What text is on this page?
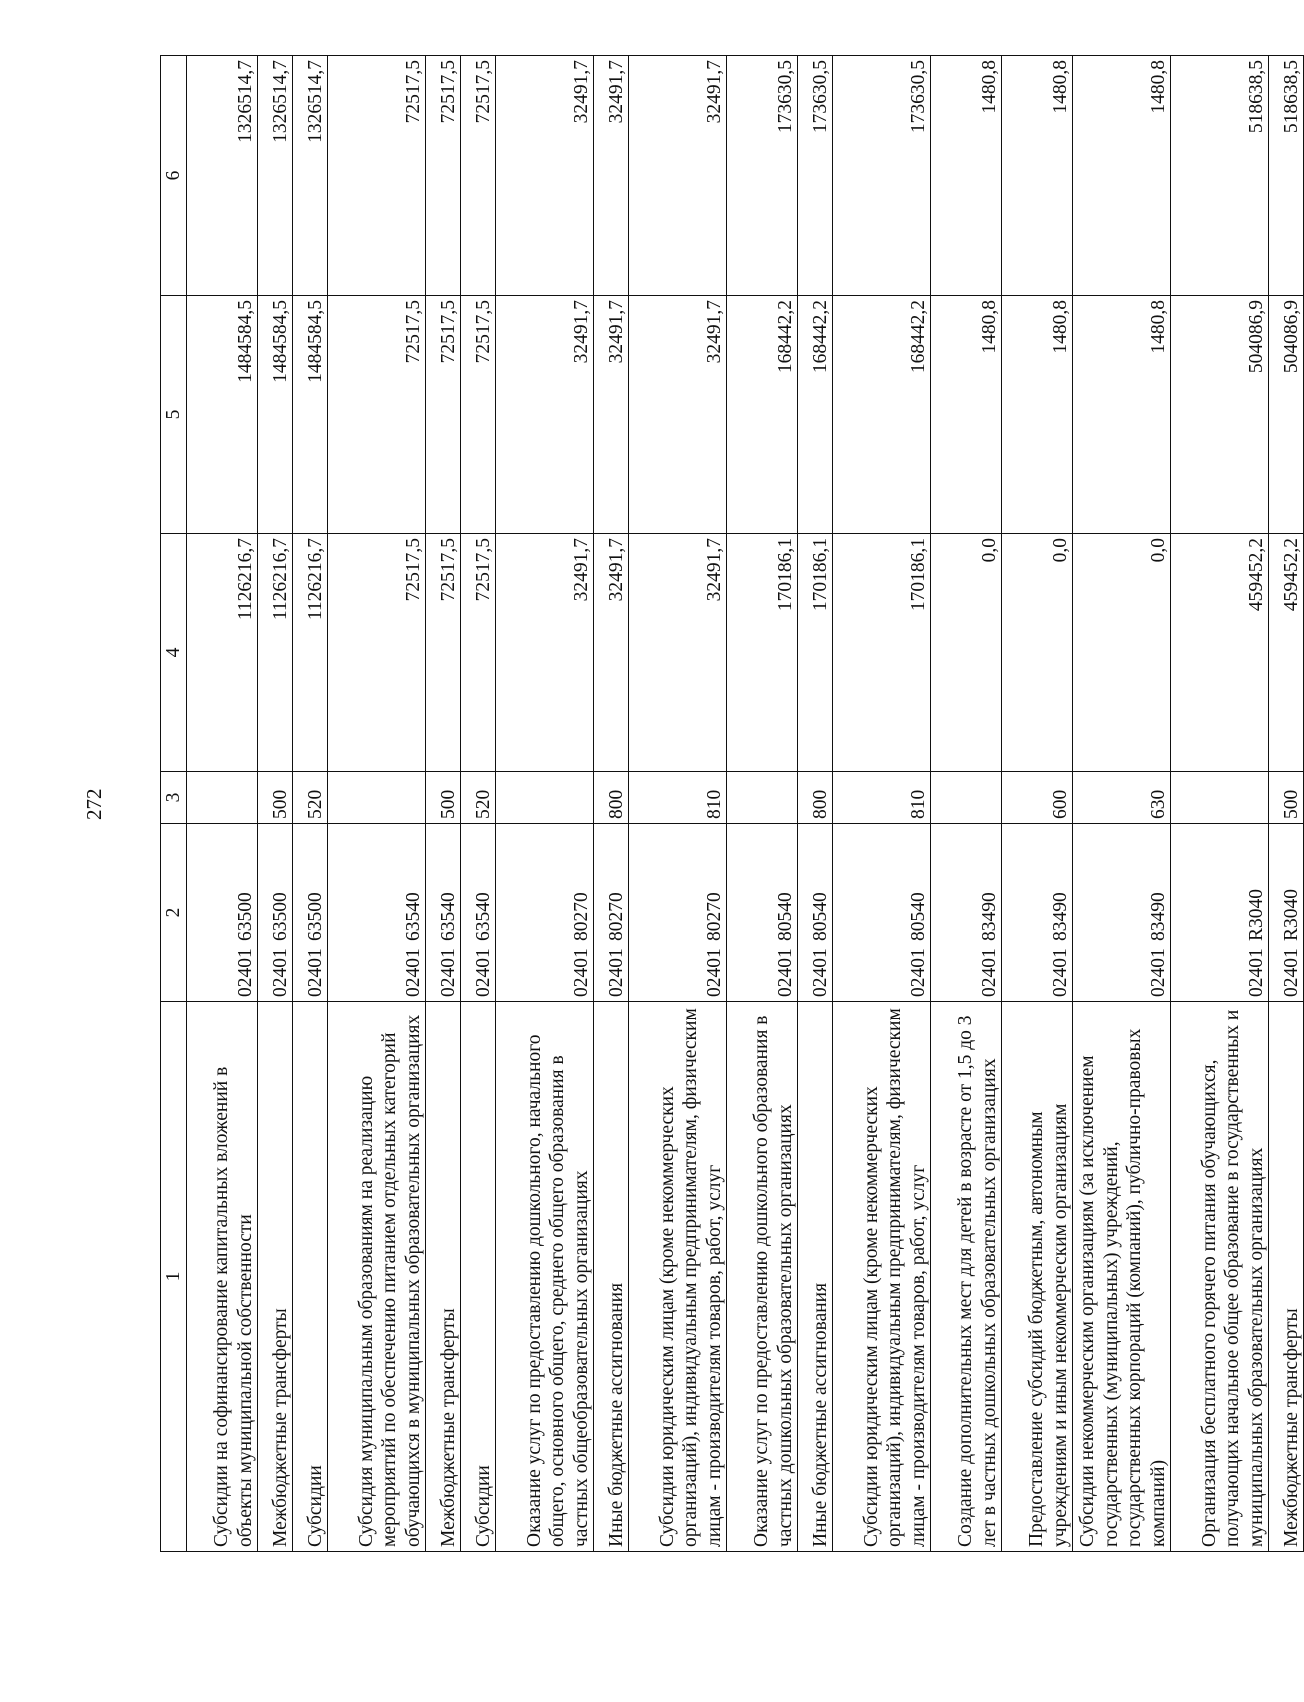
272
1	2	3	4	5	6
Субсидии на софинансирование капитальных вложений в объекты муниципальной собственности	0240163500		1126216,7	1484584,5	1326514,7
Межбюджетные трансферты	0240163500	500	1126216,7	1484584,5	1326514,7
Субсидии	0240163500	520	1126216,7	1484584,5	1326514,7
Субсидия муниципальным образованиям на реализацию мероприятий по обеспечению питанием отдельных категорий обучающихся в муниципальных образовательных организациях	0240163540		72517,5	72517,5	72517,5
Межбюджетные трансферты	0240163540	500	72517,5	72517,5	72517,5
Субсидии	0240163540	520	72517,5	72517,5	72517,5
Оказание услуг по предоставлению дошкольного, начального общего, основного общего, среднего общего образования в частных общеобразовательных организациях	0240180270		32491,7	32491,7	32491,7
Иные бюджетные ассигнования	0240180270	800	32491,7	32491,7	32491,7
Субсидии юридическим лицам (кроме некоммерческих организаций), индивидуальным предпринимателям, физическим лицам - производителям товаров, работ, услуг	0240180270	810	32491,7	32491,7	32491,7
Оказание услуг по предоставлению дошкольного образования в частных дошкольных образовательных организациях	0240180540		170186,1	168442,2	173630,5
Иные бюджетные ассигнования	0240180540	800	170186,1	168442,2	173630,5
Субсидии юридическим лицам (кроме некоммерческих организаций), индивидуальным предпринимателям, физическим лицам - производителям товаров, работ, услуг	0240180540	810	170186,1	168442,2	173630,5
Создание дополнительных мест для детей в возрасте от 1,5 до 3 лет в частных дошкольных образовательных организациях	0240183490		0,0	1480,8	1480,8
Предоставление субсидий бюджетным, автономным учреждениям и иным некоммерческим организациям	0240183490	600	0,0	1480,8	1480,8
Субсидии некоммерческим организациям (за исключением государственных (муниципальных) учреждений, государственных корпораций (компаний), публично-правовых компаний)	0240183490	630	0,0	1480,8	1480,8
Организация бесплатного горячего питания обучающихся, получающих начальное общее образование в государственных и муниципальных образовательных организациях	02401R3040		459452,2	504086,9	518638,5
Межбюджетные трансферты	02401R3040	500	459452,2	504086,9	518638,5
